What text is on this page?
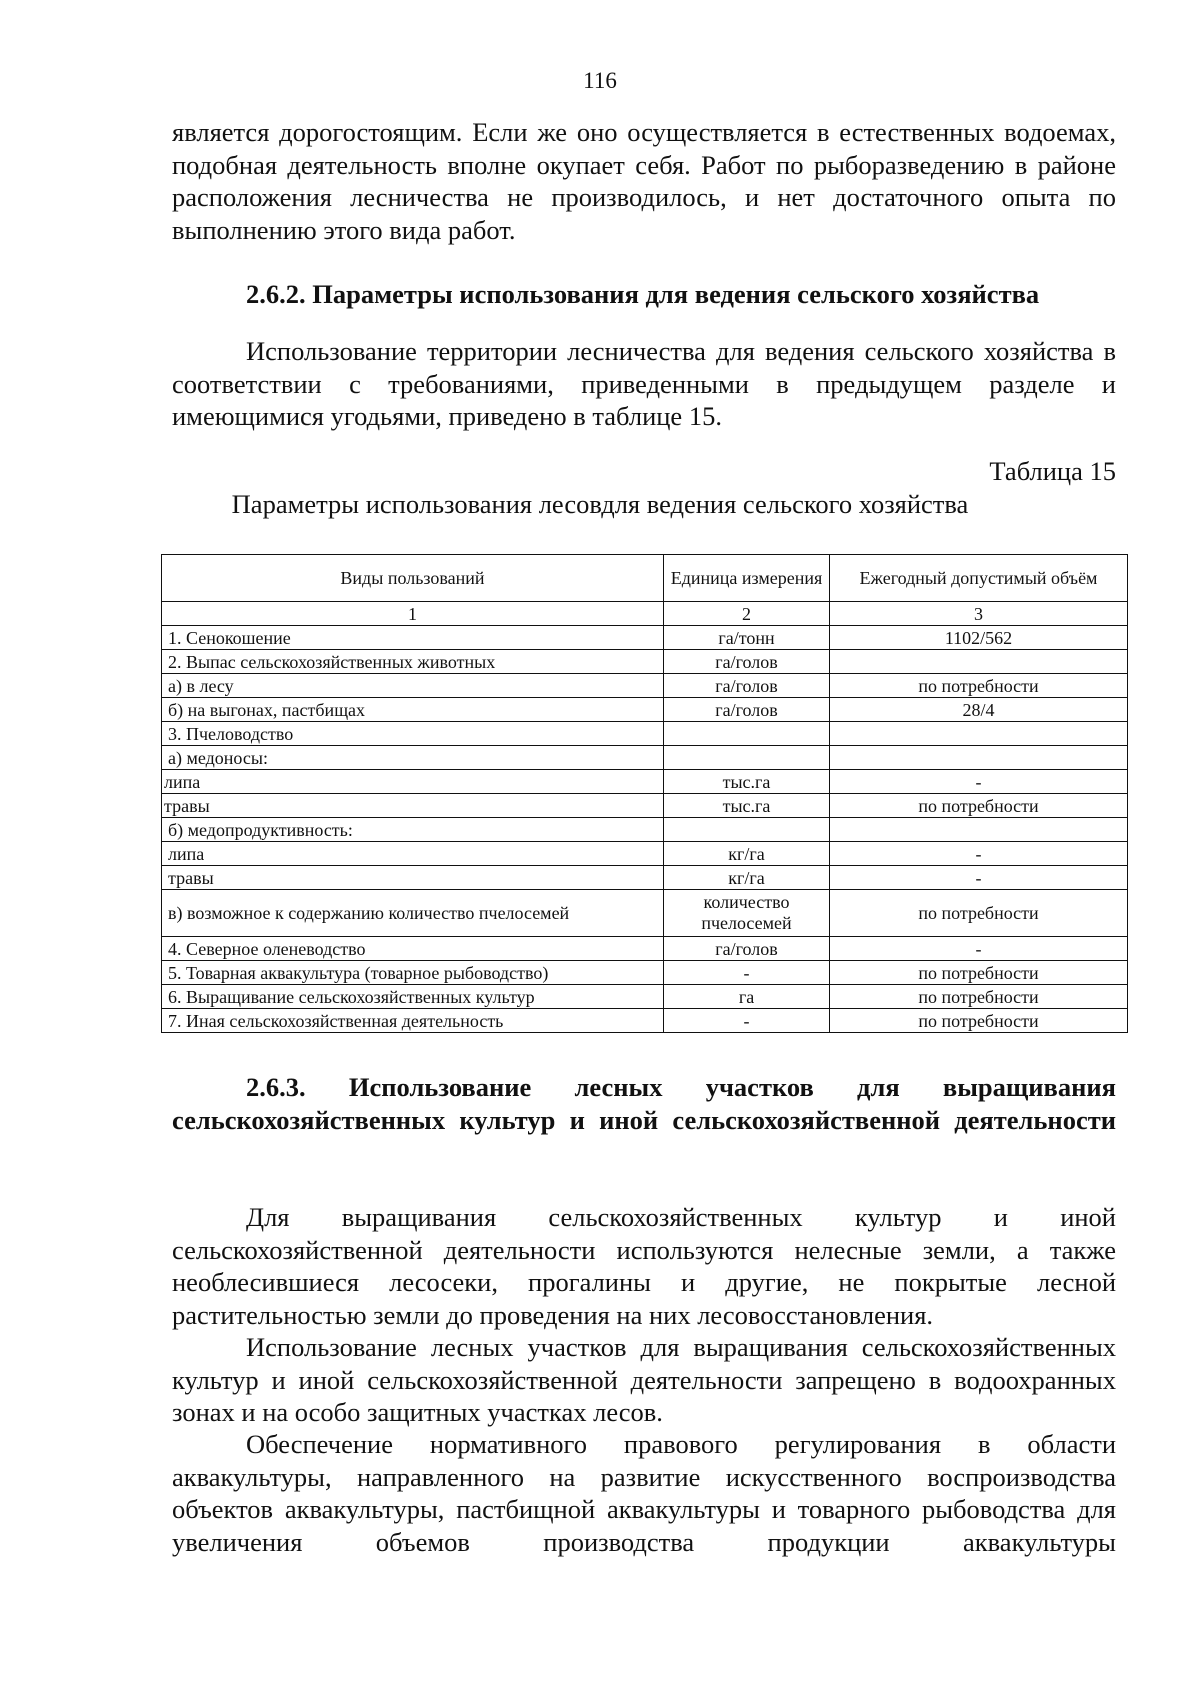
116
является дорогостоящим. Если же оно осуществляется в естественных водоемах, подобная деятельность вполне окупает себя. Работ по рыборазведению в районе расположения лесничества не производилось, и нет достаточного опыта по выполнению этого вида работ.
2.6.2. Параметры использования для ведения сельского хозяйства
Использование территории лесничества для ведения сельского хозяйства в соответствии с требованиями, приведенными в предыдущем разделе и имеющимися угодьями, приведено в таблице 15.
Таблица 15
Параметры использования лесовдля ведения сельского хозяйства
Виды пользований	Единица измерения	Ежегодный допустимый объём
1	2	3
1. Сенокошение	га/тонн	1102/562
2. Выпас сельскохозяйственных животных	га/голов	
а) в лесу	га/голов	по потребности
б) на выгонах, пастбищах	га/голов	28/4
3. Пчеловодство		
а) медоносы:		
липа	тыс.га	-
травы	тыс.га	по потребности
б) медопродуктивность:		
липа	кг/га	-
травы	кг/га	-
в) возможное к содержанию количество пчелосемей	количество пчелосемей	по потребности
4. Северное оленеводство	га/голов	-
5. Товарная аквакультура (товарное рыбоводство)	-	по потребности
6. Выращивание сельскохозяйственных культур	га	по потребности
7. Иная сельскохозяйственная деятельность	-	по потребности
2.6.3. Использование лесных участков для выращивания сельскохозяйственных культур и иной сельскохозяйственной деятельности
Для выращивания сельскохозяйственных культур и иной сельскохозяйственной деятельности используются нелесные земли, а также необлесившиеся лесосеки, прогалины и другие, не покрытые лесной растительностью земли до проведения на них лесовосстановления.
Использование лесных участков для выращивания сельскохозяйственных культур и иной сельскохозяйственной деятельности запрещено в водоохранных зонах и на особо защитных участках лесов.
Обеспечение нормативного правового регулирования в области аквакультуры, направленного на развитие искусственного воспроизводства объектов аквакультуры, пастбищной аквакультуры и товарного рыбоводства для увеличения объемов производства продукции аквакультуры
